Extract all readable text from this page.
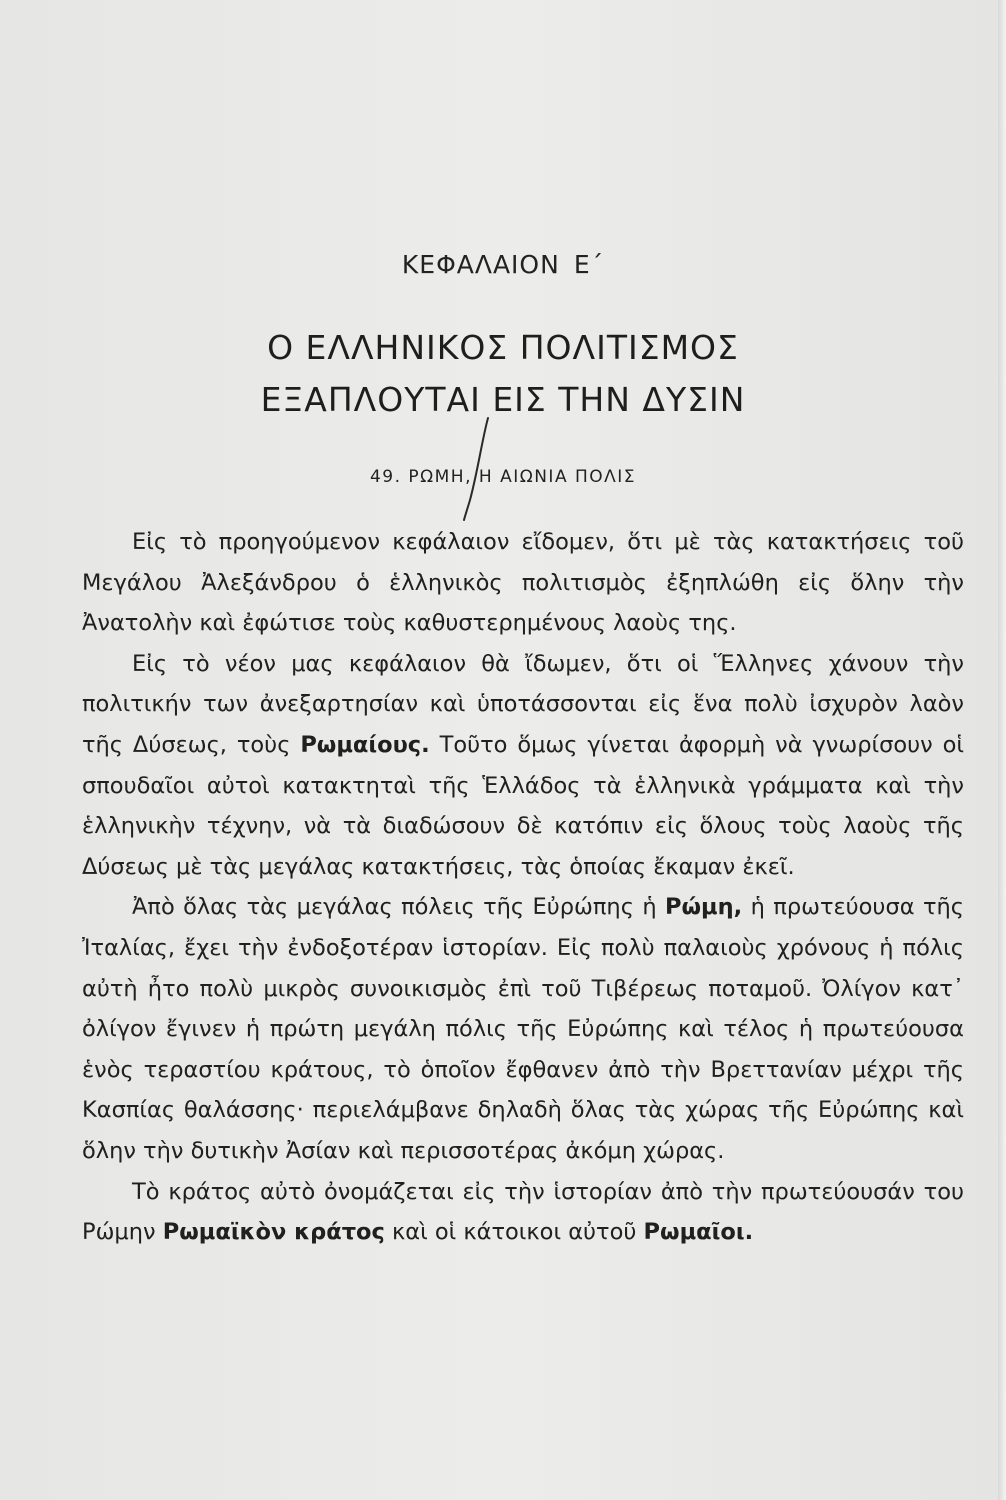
ΚΕΦΑΛΑΙΟΝ Ε΄
Ο ΕΛΛΗΝΙΚΟΣ ΠΟΛΙΤΙΣΜΟΣ
ΕΞΑΠΛΟΥΤΑΙ ΕΙΣ ΤΗΝ ΔΥΣΙΝ
49. ΡΩΜΗ, Η ΑΙΩΝΙΑ ΠΟΛΙΣ

Εἰς τὸ προηγούμενον κεφάλαιον εἴδομεν, ὅτι μὲ τὰς κατακτήσεις τοῦ Μεγάλου Ἀλεξάνδρου ὁ ἑλληνικὸς πολιτισμὸς ἐξηπλώθη εἰς ὅλην τὴν Ἀνατολὴν καὶ ἐφώτισε τοὺς καθυστερημένους λαοὺς της.

Εἰς τὸ νέον μας κεφάλαιον θὰ ἴδωμεν, ὅτι οἱ Ἕλληνες χάνουν τὴν πολιτικήν των ἀνεξαρτησίαν καὶ ὑποτάσσονται εἰς ἕνα πολὺ ἰσχυρὸν λαὸν τῆς Δύσεως, τοὺς Ρωμαίους. Τοῦτο ὅμως γίνεται ἀφορμὴ νὰ γνωρίσουν οἱ σπουδαῖοι αὐτοὶ κατακτηταὶ τῆς Ἑλλάδος τὰ ἑλληνικὰ γράμματα καὶ τὴν ἑλληνικὴν τέχνην, νὰ τὰ διαδώσουν δὲ κατόπιν εἰς ὅλους τοὺς λαοὺς τῆς Δύσεως μὲ τὰς μεγάλας κατακτήσεις, τὰς ὁποίας ἔκαμαν ἐκεῖ.

Ἀπὸ ὅλας τὰς μεγάλας πόλεις τῆς Εὐρώπης ἡ Ρώμη, ἡ πρωτεύουσα τῆς Ἰταλίας, ἔχει τὴν ἐνδοξοτέραν ἱστορίαν. Εἰς πολὺ παλαιοὺς χρόνους ἡ πόλις αὐτὴ ἦτο πολὺ μικρὸς συνοικισμὸς ἐπὶ τοῦ Τιβέρεως ποταμοῦ. Ὀλίγον κατ᾽ ὀλίγον ἔγινεν ἡ πρώτη μεγάλη πόλις τῆς Εὐρώπης καὶ τέλος ἡ πρωτεύουσα ἑνὸς τεραστίου κράτους, τὸ ὁποῖον ἔφθανεν ἀπὸ τὴν Βρεττανίαν μέχρι τῆς Κασπίας θαλάσσης· περιελάμβανε δηλαδὴ ὅλας τὰς χώρας τῆς Εὐρώπης καὶ ὅλην τὴν δυτικὴν Ἀσίαν καὶ περισσοτέρας ἀκόμη χώρας.

Τὸ κράτος αὐτὸ ὀνομάζεται εἰς τὴν ἱστορίαν ἀπὸ τὴν πρωτεύουσάν του Ρώμην Ρωμαϊκὸν κράτος καὶ οἱ κάτοικοι αὐτοῦ Ρωμαῖοι.
